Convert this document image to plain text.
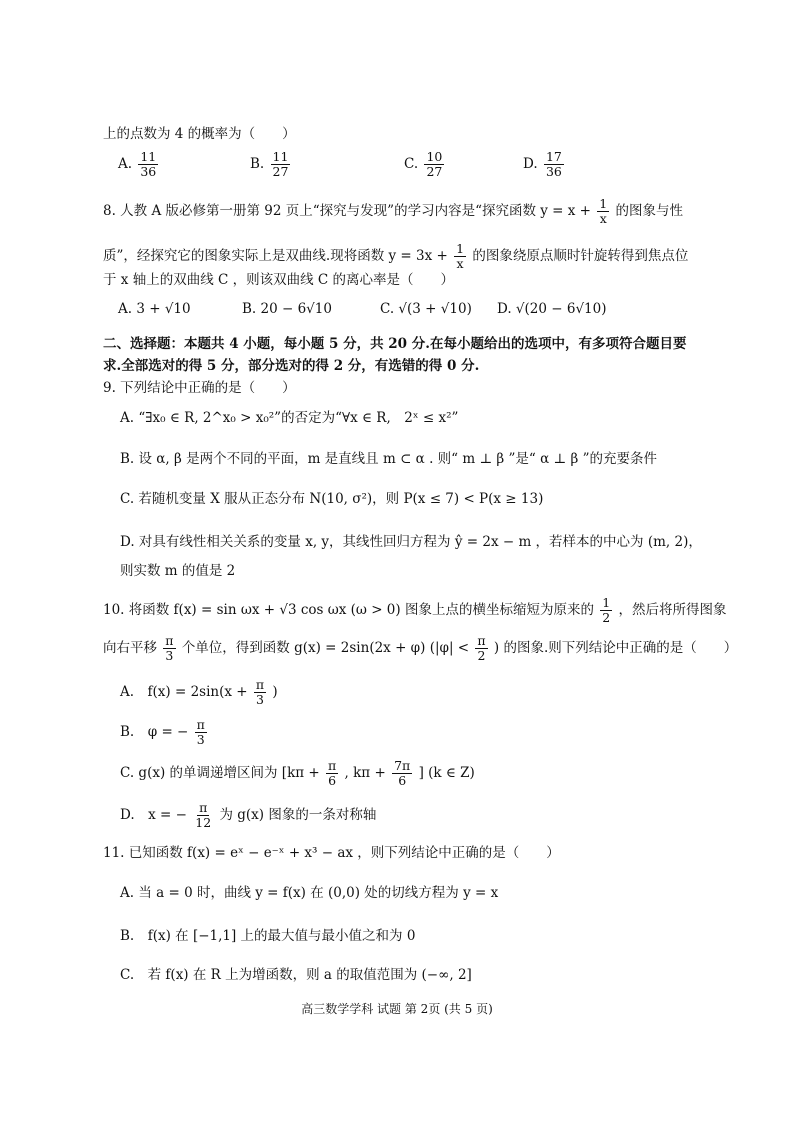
上的点数为 4 的概率为（　　）
A. $\frac{11}{36}$	B. $\frac{11}{27}$	C. $\frac{10}{27}$	D. $\frac{17}{36}$
8. 人教 A 版必修第一册第 92 页上“探究与发现”的学习内容是“探究函数 $y = x + \frac{1}{x}$ 的图象与性
质”，经探究它的图象实际上是双曲线.现将函数 $y = 3x + \frac{1}{x}$ 的图象绕原点顺时针旋转得到焦点位
于 x 轴上的双曲线 C ，则该双曲线 C 的离心率是（　　）
A. 3 + √10	B. 20 − 6√10	C. √(3 + √10) D. √(20 − 6√10)
二、选择题：本题共 4 小题，每小题 5 分，共 20 分.在每小题给出的选项中，有多项符合题目要
求.全部选对的得 5 分，部分选对的得 2 分，有选错的得 0 分.
9. 下列结论中正确的是（　　）
A. “∃x₀ ∈ R, 2^x₀ > x₀²”的否定为“∀x ∈ R,　2ˣ ≤ x²”
B. 设 α, β 是两个不同的平面，m 是直线且 m ⊂ α . 则“ m ⊥ β ”是“ α ⊥ β ”的充要条件
C. 若随机变量 X 服从正态分布 N(10, σ²)，则 P(x ≤ 7) < P(x ≥ 13)
D. 对具有线性相关关系的变量 x, y，其线性回归方程为 ŷ = 2x − m ，若样本的中心为 (m, 2)，
则实数 m 的值是 2
10. 将函数 f(x) = sin ωx + √3 cos ωx (ω > 0) 图象上点的横坐标缩短为原来的 $\frac{1}{2}$ ，然后将所得图象
向右平移 $\frac{\pi}{3}$ 个单位，得到函数 g(x) = 2sin(2x + φ) ($|\varphi| < \frac{\pi}{2}$ ) 的图象.则下列结论中正确的是（　　）
A.　$f(x) = 2\sin(x + \frac{\pi}{3}$ )
B.　φ = − $\frac{\pi}{3}$
C. g(x) 的单调递增区间为 [$k\pi + \frac{\pi}{6}$ , $k\pi + \frac{7\pi}{6}$ ] (k ∈ Z)
D.　x = − $\frac{\pi}{12}$ 为 g(x) 图象的一条对称轴
11. 已知函数 f(x) = eˣ − e⁻ˣ + x³ − ax ，则下列结论中正确的是（　　）
A. 当 a = 0 时，曲线 y = f(x) 在 (0,0) 处的切线方程为 y = x
B.　f(x) 在 [−1,1] 上的最大值与最小值之和为 0
C.　若 f(x) 在 R 上为增函数，则 a 的取值范围为 (−∞, 2]
高三数学学科 试题 第 2页 (共 5 页)
